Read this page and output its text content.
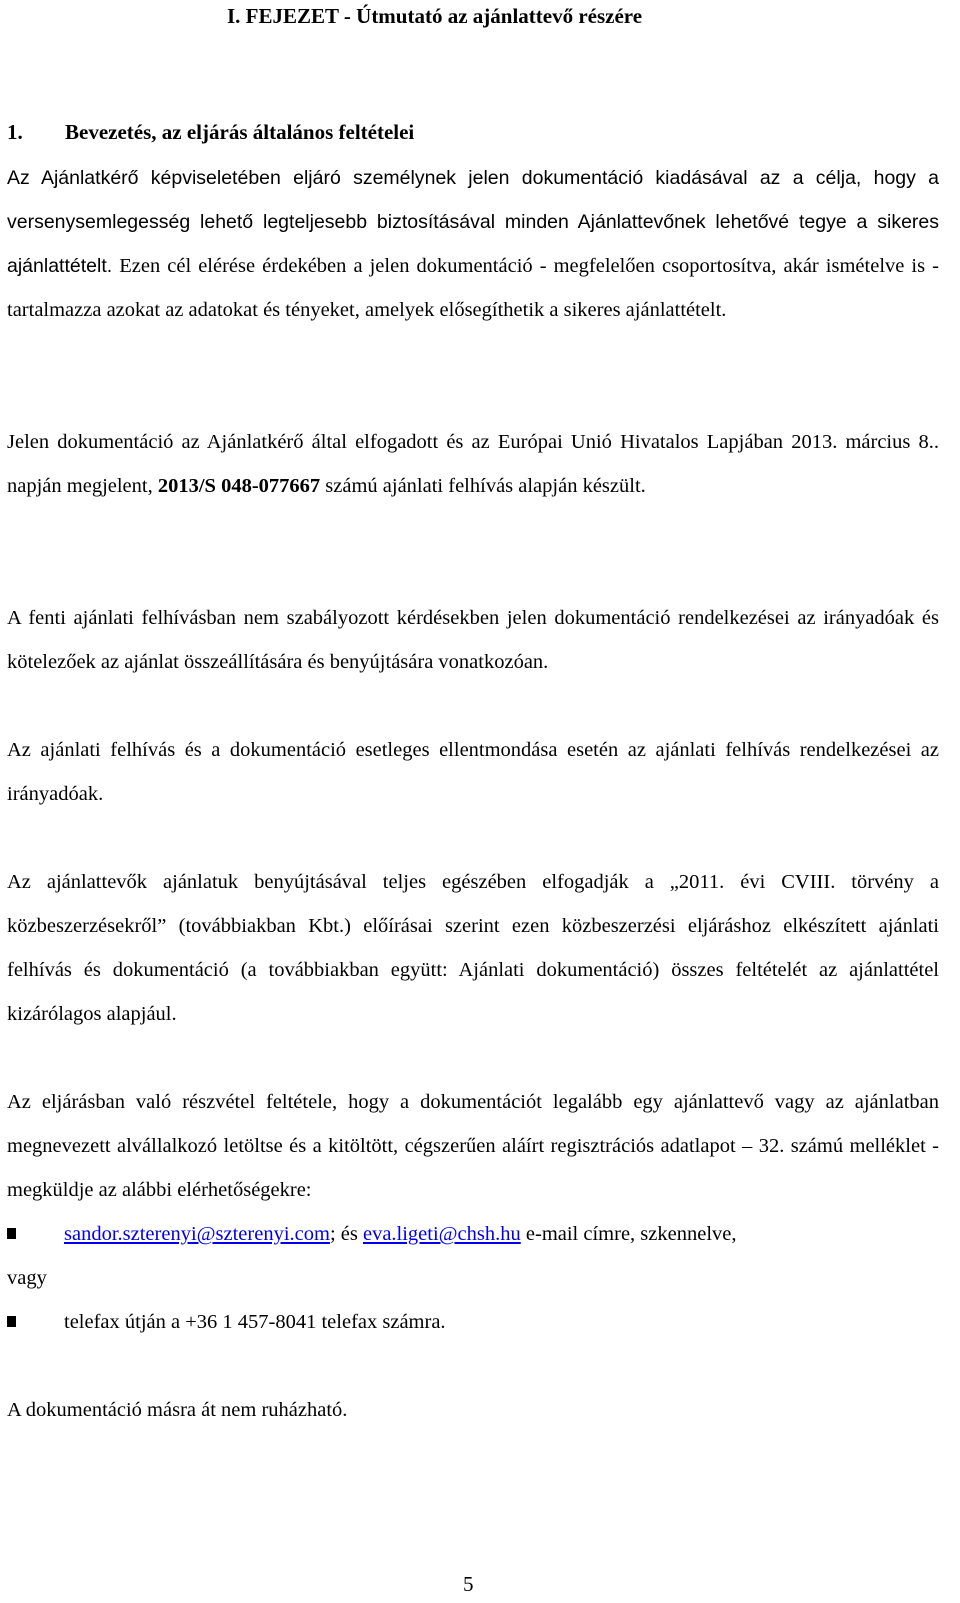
I. FEJEZET - Útmutató az ajánlattevő részére
1. Bevezetés, az eljárás általános feltételei
Az Ajánlatkérő képviseletében eljáró személynek jelen dokumentáció kiadásával az a célja, hogy a versenysemlegesség lehető legteljesebb biztosításával minden Ajánlattevőnek lehetővé tegye a sikeres ajánlattételt. Ezen cél elérése érdekében a jelen dokumentáció - megfelelően csoportosítva, akár ismételve is - tartalmazza azokat az adatokat és tényeket, amelyek elősegíthetik a sikeres ajánlattételt.
Jelen dokumentáció az Ajánlatkérő által elfogadott és az Európai Unió Hivatalos Lapjában 2013. március 8.. napján megjelent, 2013/S 048-077667 számú ajánlati felhívás alapján készült.
A fenti ajánlati felhívásban nem szabályozott kérdésekben jelen dokumentáció rendelkezései az irányadóak és kötelezőek az ajánlat összeállítására és benyújtására vonatkozóan.
Az ajánlati felhívás és a dokumentáció esetleges ellentmondása esetén az ajánlati felhívás rendelkezései az irányadóak.
Az ajánlattevők ajánlatuk benyújtásával teljes egészében elfogadják a „2011. évi CVIII. törvény a közbeszerzésekről” (továbbiakban Kbt.) előírásai szerint ezen közbeszerzési eljáráshoz elkészített ajánlati felhívás és dokumentáció (a továbbiakban együtt: Ajánlati dokumentáció) összes feltételét az ajánlattétel kizárólagos alapjául.
Az eljárásban való részvétel feltétele, hogy a dokumentációt legalább egy ajánlattevő vagy az ajánlatban megnevezett alvállalkozó letöltse és a kitöltött, cégszerűen aláírt regisztrációs adatlapot – 32. számú melléklet - megküldje az alábbi elérhetőségekre:
sandor.szterenyi@szterenyi.com; és eva.ligeti@chsh.hu e-mail címre, szkennelve,
vagy
telefax útján a +36 1 457-8041 telefax számra.
A dokumentáció másra át nem ruházható.
5
